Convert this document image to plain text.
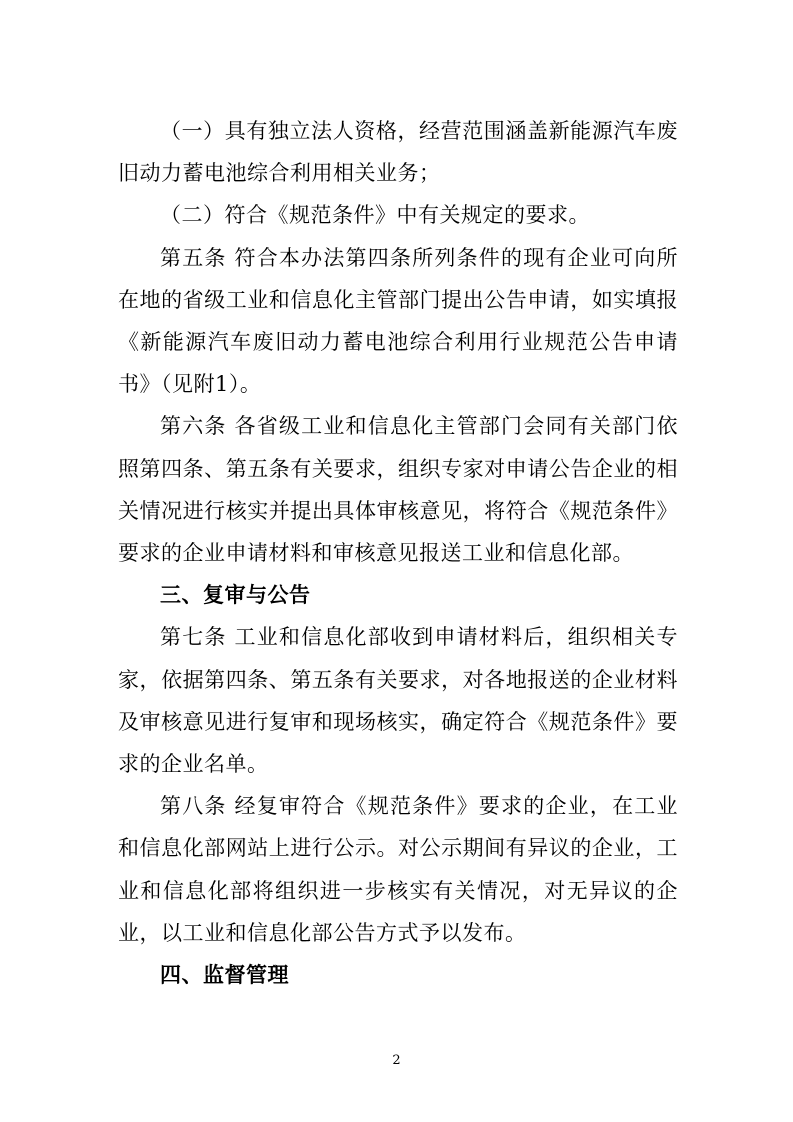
（一）具有独立法人资格，经营范围涵盖新能源汽车废旧动力蓄电池综合利用相关业务；

（二）符合《规范条件》中有关规定的要求。

第五条 符合本办法第四条所列条件的现有企业可向所在地的省级工业和信息化主管部门提出公告申请，如实填报《新能源汽车废旧动力蓄电池综合利用行业规范公告申请书》（见附1）。

第六条 各省级工业和信息化主管部门会同有关部门依照第四条、第五条有关要求，组织专家对申请公告企业的相关情况进行核实并提出具体审核意见，将符合《规范条件》要求的企业申请材料和审核意见报送工业和信息化部。

三、复审与公告

第七条 工业和信息化部收到申请材料后，组织相关专家，依据第四条、第五条有关要求，对各地报送的企业材料及审核意见进行复审和现场核实，确定符合《规范条件》要求的企业名单。

第八条 经复审符合《规范条件》要求的企业，在工业和信息化部网站上进行公示。对公示期间有异议的企业，工业和信息化部将组织进一步核实有关情况，对无异议的企业，以工业和信息化部公告方式予以发布。

四、监督管理

2
